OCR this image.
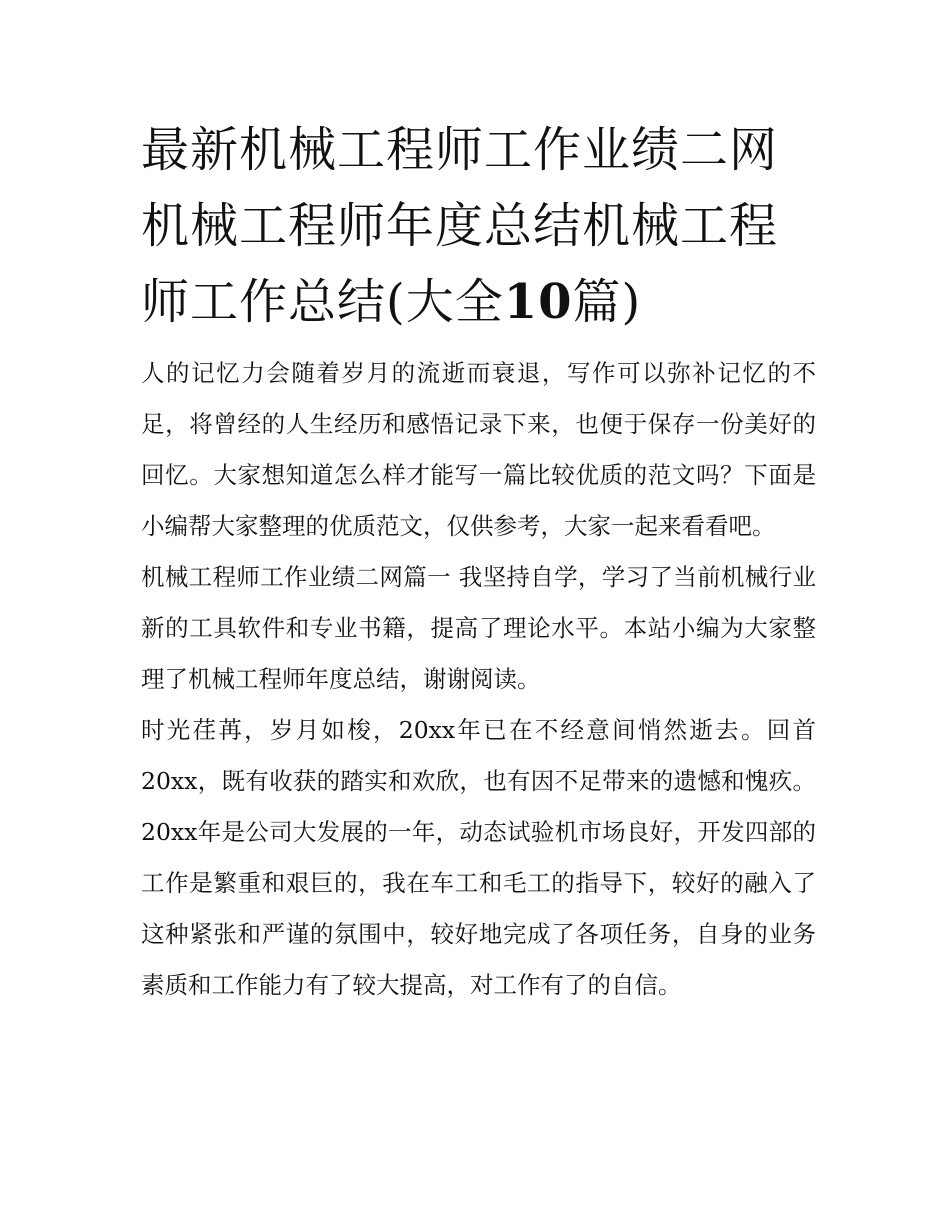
最新机械工程师工作业绩二网机械工程师年度总结机械工程师工作总结(大全10篇)

人的记忆力会随着岁月的流逝而衰退，写作可以弥补记忆的不足，将曾经的人生经历和感悟记录下来，也便于保存一份美好的回忆。大家想知道怎么样才能写一篇比较优质的范文吗？下面是小编帮大家整理的优质范文，仅供参考，大家一起来看看吧。

机械工程师工作业绩二网篇一 我坚持自学，学习了当前机械行业新的工具软件和专业书籍，提高了理论水平。本站小编为大家整理了机械工程师年度总结，谢谢阅读。

时光荏苒，岁月如梭，20xx年已在不经意间悄然逝去。回首20xx，既有收获的踏实和欢欣，也有因不足带来的遗憾和愧疚。20xx年是公司大发展的一年，动态试验机市场良好，开发四部的工作是繁重和艰巨的，我在车工和毛工的指导下，较好的融入了这种紧张和严谨的氛围中，较好地完成了各项任务，自身的业务素质和工作能力有了较大提高，对工作有了的自信。
